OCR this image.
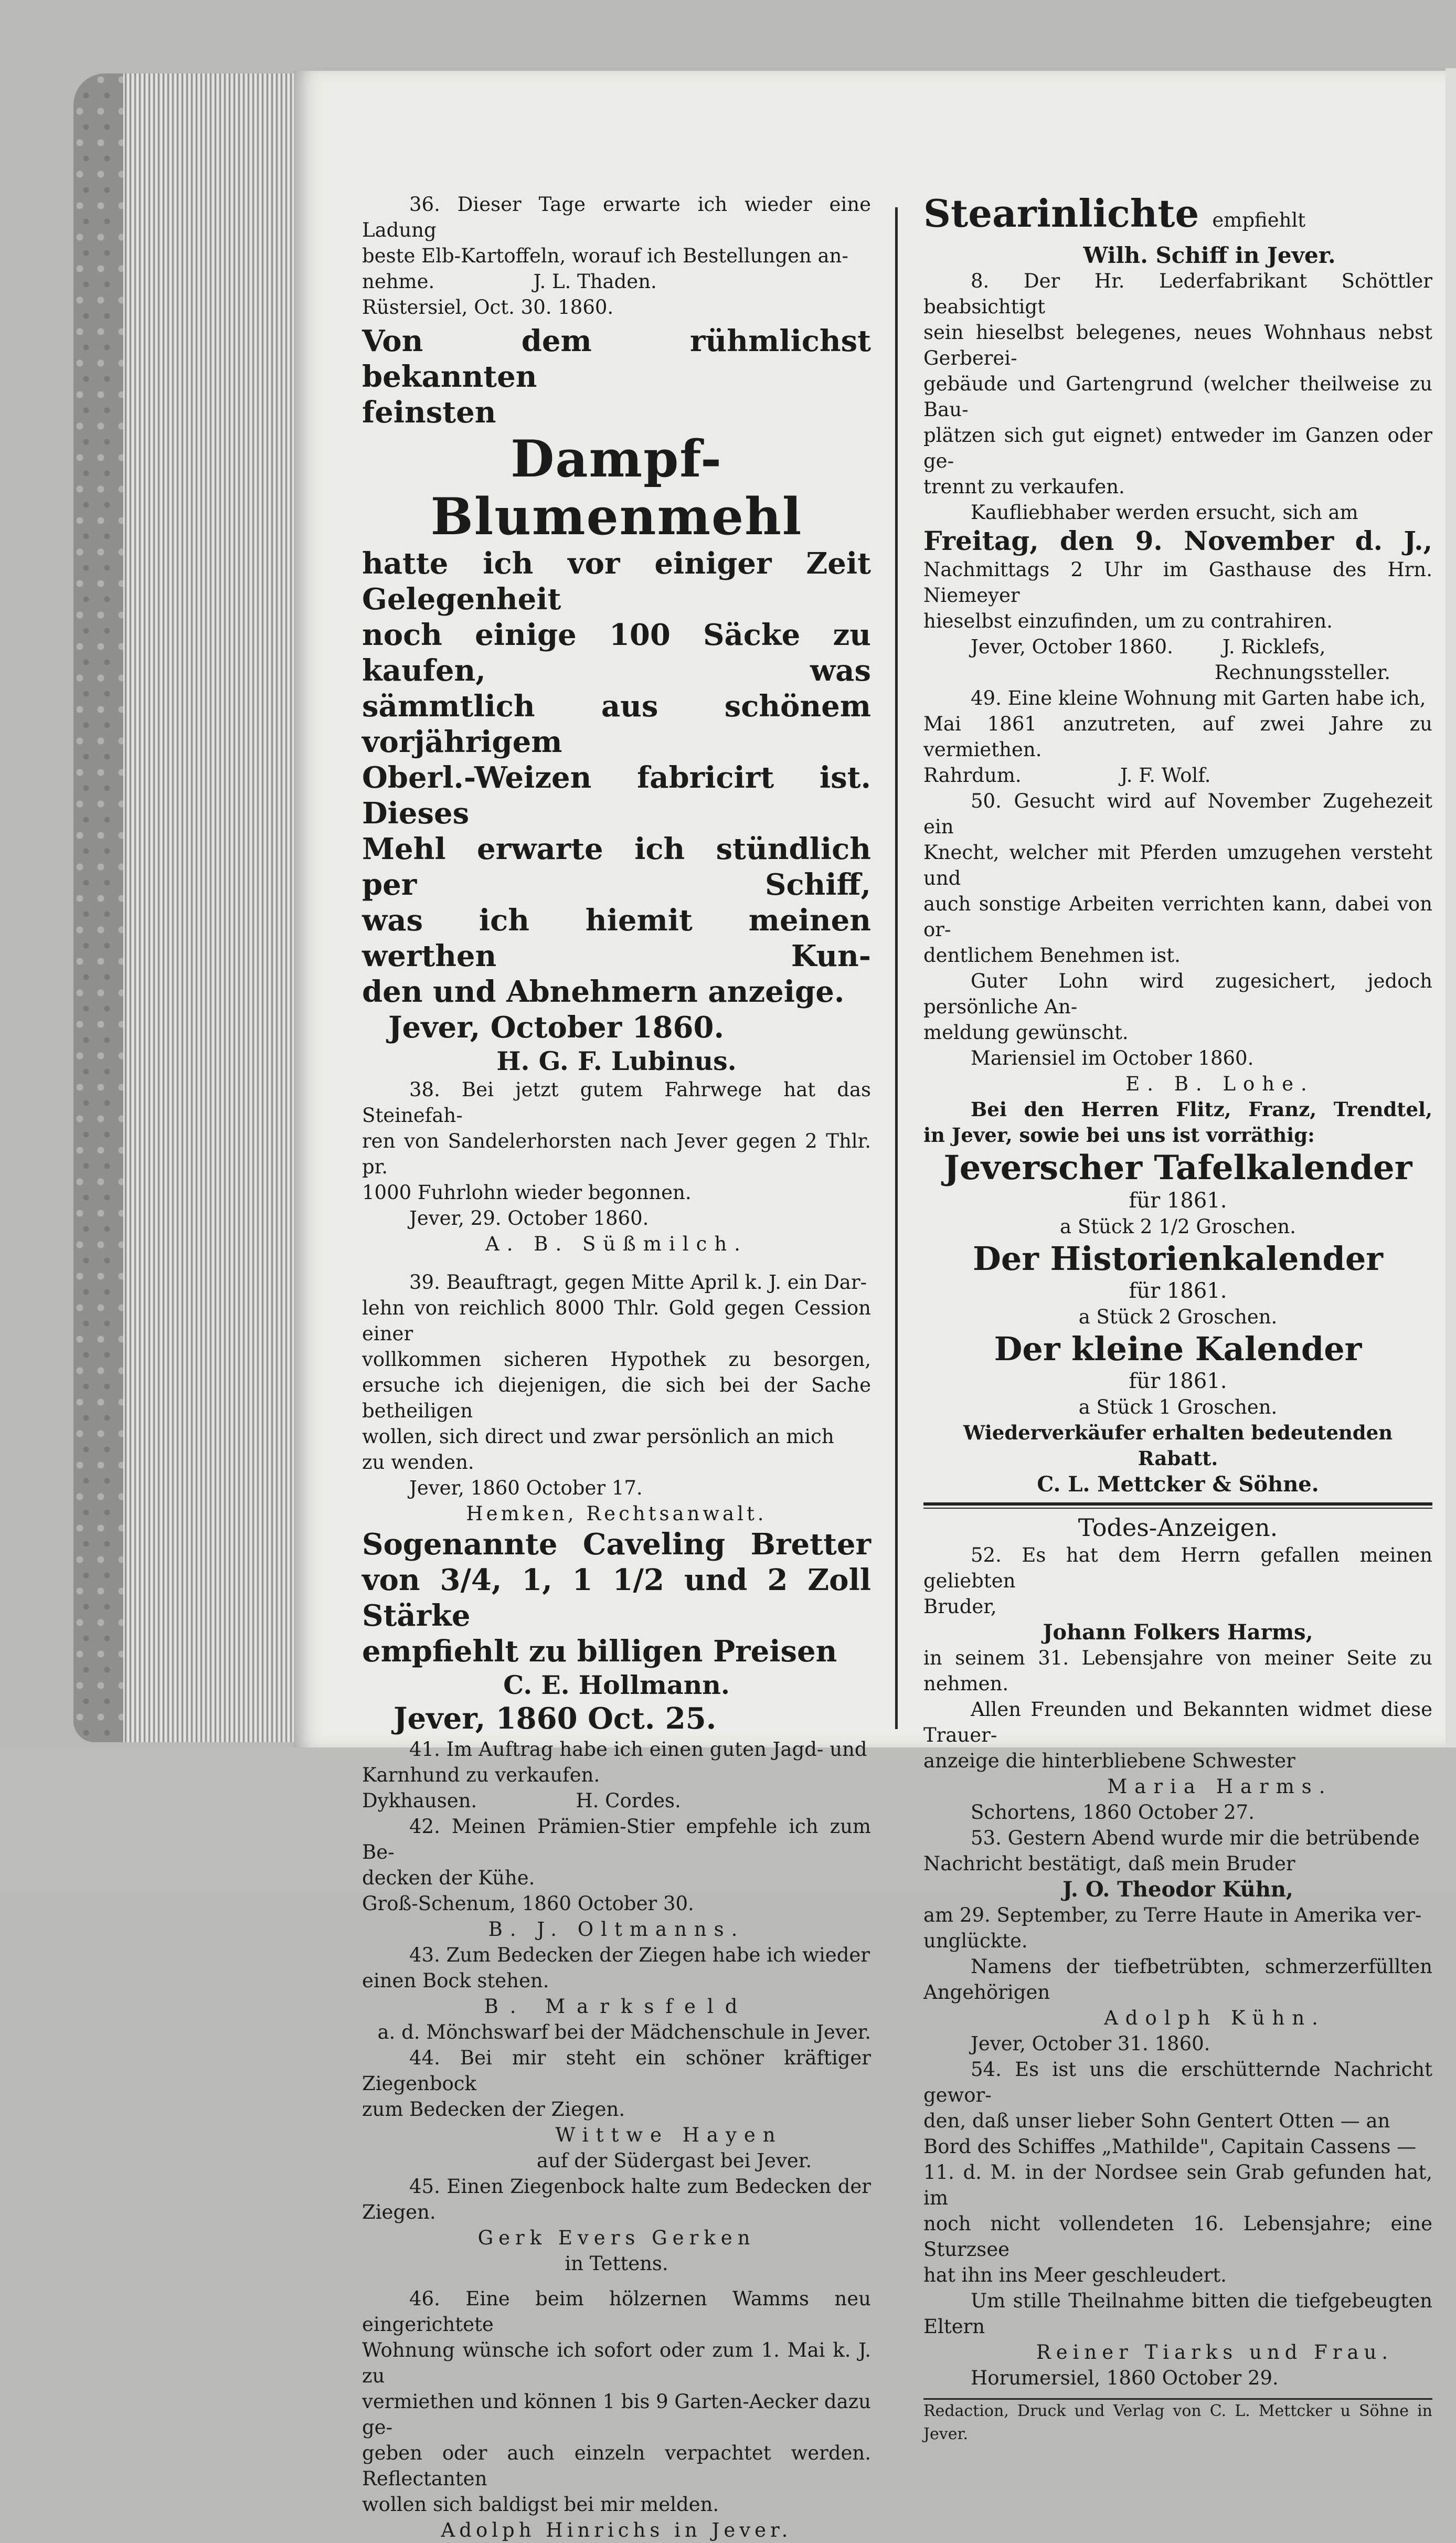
36. Dieser Tage erwarte ich wieder eine Ladung

beste Elb-Kartoffeln, worauf ich Bestellungen an-

nehme.                J. L. Thaden.

Rüstersiel, Oct. 30. 1860.

Von dem rühmlichst bekannten

feinsten

Dampf-Blumenmehl

hatte ich vor einiger Zeit Gelegenheit

noch einige 100 Säcke zu kaufen, was

sämmtlich aus schönem vorjährigem

Oberl.-Weizen fabricirt ist. Dieses

Mehl erwarte ich stündlich per Schiff,

was ich hiemit meinen werthen Kun-

den und Abnehmern anzeige.

Jever, October 1860.

H. G. F. Lubinus.

38. Bei jetzt gutem Fahrwege hat das Steinefah-

ren von Sandelerhorsten nach Jever gegen 2 Thlr. pr.

1000 Fuhrlohn wieder begonnen.

Jever, 29. October 1860.

A. B. Süßmilch.

39. Beauftragt, gegen Mitte April k. J. ein Dar-

lehn von reichlich 8000 Thlr. Gold gegen Cession einer

vollkommen sicheren Hypothek zu besorgen,

ersuche ich diejenigen, die sich bei der Sache betheiligen

wollen, sich direct und zwar persönlich an mich

zu wenden.

Jever, 1860 October 17.

Hemken, Rechtsanwalt.

Sogenannte Caveling Bretter

von 3/4, 1, 1 1/2 und 2 Zoll Stärke

empfiehlt zu billigen Preisen

C. E. Hollmann.

Jever, 1860 Oct. 25.

41. Im Auftrag habe ich einen guten Jagd- und

Karnhund zu verkaufen.

Dykhausen.                H. Cordes.

42. Meinen Prämien-Stier empfehle ich zum Be-

decken der Kühe.

Groß-Schenum, 1860 October 30.

B. J. Oltmanns.

43. Zum Bedecken der Ziegen habe ich wieder

einen Bock stehen.

B. Marksfeld

a. d. Mönchswarf bei der Mädchenschule in Jever.

44. Bei mir steht ein schöner kräftiger Ziegenbock

zum Bedecken der Ziegen.

Wittwe Hayen

auf der Südergast bei Jever.

45. Einen Ziegenbock halte zum Bedecken der

Ziegen.

Gerk Evers Gerken

in Tettens.

46. Eine beim hölzernen Wamms neu eingerichtete

Wohnung wünsche ich sofort oder zum 1. Mai k. J. zu

vermiethen und können 1 bis 9 Garten-Aecker dazu ge-

geben oder auch einzeln verpachtet werden. Reflectanten

wollen sich baldigst bei mir melden.

Adolph Hinrichs in Jever.

Stearinlichte empfiehlt

Wilh. Schiff in Jever.

8. Der Hr. Lederfabrikant Schöttler beabsichtigt

sein hieselbst belegenes, neues Wohnhaus nebst Gerberei-

gebäude und Gartengrund (welcher theilweise zu Bau-

plätzen sich gut eignet) entweder im Ganzen oder ge-

trennt zu verkaufen.

Kaufliebhaber werden ersucht, sich am

Freitag, den 9. November d. J.,

Nachmittags 2 Uhr im Gasthause des Hrn. Niemeyer

hieselbst einzufinden, um zu contrahiren.

Jever, October 1860.        J. Ricklefs,

Rechnungssteller.

49. Eine kleine Wohnung mit Garten habe ich,

Mai 1861 anzutreten, auf zwei Jahre zu vermiethen.

Rahrdum.                J. F. Wolf.

50. Gesucht wird auf November Zugehezeit ein

Knecht, welcher mit Pferden umzugehen versteht und

auch sonstige Arbeiten verrichten kann, dabei von or-

dentlichem Benehmen ist.

Guter Lohn wird zugesichert, jedoch persönliche An-

meldung gewünscht.

Mariensiel im October 1860.

E. B. Lohe.

Bei den Herren Flitz, Franz, Trendtel,

in Jever, sowie bei uns ist vorräthig:

Jeverscher Tafelkalender

für 1861.

a Stück 2 1/2 Groschen.

Der Historienkalender

für 1861.

a Stück 2 Groschen.

Der kleine Kalender

für 1861.

a Stück 1 Groschen.

Wiederverkäufer erhalten bedeutenden Rabatt.

C. L. Mettcker & Söhne.

Todes-Anzeigen.

52. Es hat dem Herrn gefallen meinen geliebten

Bruder,

Johann Folkers Harms,

in seinem 31. Lebensjahre von meiner Seite zu nehmen.

Allen Freunden und Bekannten widmet diese Trauer-

anzeige die hinterbliebene Schwester

Maria Harms.

Schortens, 1860 October 27.

53. Gestern Abend wurde mir die betrübende

Nachricht bestätigt, daß mein Bruder

J. O. Theodor Kühn,

am 29. September, zu Terre Haute in Amerika ver-

unglückte.

Namens der tiefbetrübten, schmerzerfüllten Angehörigen

Adolph Kühn.

Jever, October 31. 1860.

54. Es ist uns die erschütternde Nachricht gewor-

den, daß unser lieber Sohn Gentert Otten — an

Bord des Schiffes „Mathilde", Capitain Cassens —

11. d. M. in der Nordsee sein Grab gefunden hat, im

noch nicht vollendeten 16. Lebensjahre; eine Sturzsee

hat ihn ins Meer geschleudert.

Um stille Theilnahme bitten die tiefgebeugten Eltern

Reiner Tiarks und Frau.

Horumersiel, 1860 October 29.

Redaction, Druck und Verlag von C. L. Mettcker u Söhne in Jever.
